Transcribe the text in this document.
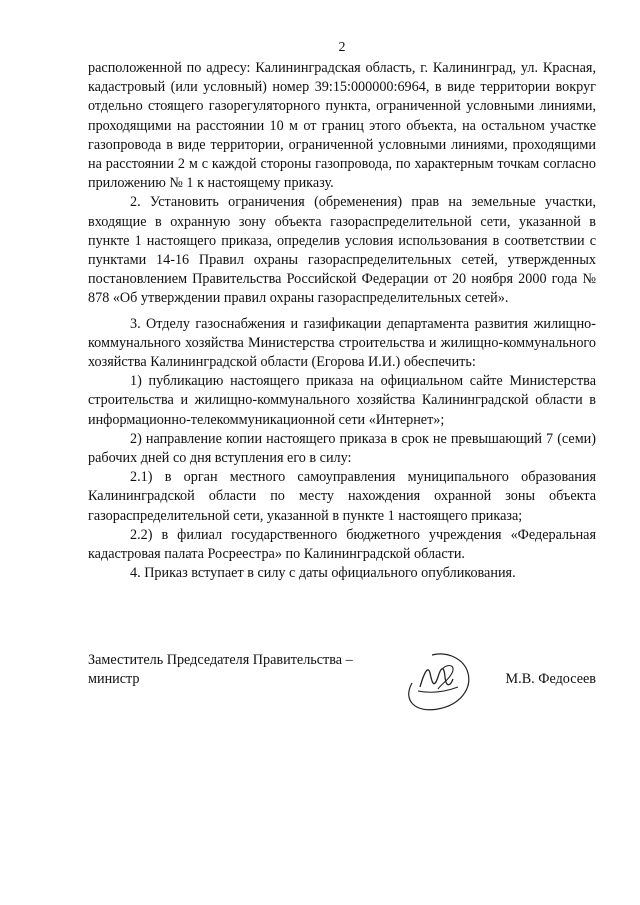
2

расположенной по адресу: Калининградская область, г. Калининград, ул. Красная, кадастровый (или условный) номер 39:15:000000:6964, в виде территории вокруг отдельно стоящего газорегуляторного пункта, ограниченной условными линиями, проходящими на расстоянии 10 м от границ этого объекта, на остальном участке газопровода в виде территории, ограниченной условными линиями, проходящими на расстоянии 2 м с каждой стороны газопровода, по характерным точкам согласно приложению № 1 к настоящему приказу.

2. Установить ограничения (обременения) прав на земельные участки, входящие в охранную зону объекта газораспределительной сети, указанной в пункте 1 настоящего приказа, определив условия использования в соответствии с пунктами 14-16 Правил охраны газораспределительных сетей, утвержденных постановлением Правительства Российской Федерации от 20 ноября 2000 года № 878 «Об утверждении правил охраны газораспределительных сетей».

3. Отделу газоснабжения и газификации департамента развития жилищно-коммунального хозяйства Министерства строительства и жилищно-коммунального хозяйства Калининградской области (Егорова И.И.) обеспечить:

1) публикацию настоящего приказа на официальном сайте Министерства строительства и жилищно-коммунального хозяйства Калининградской области в информационно-телекоммуникационной сети «Интернет»;

2) направление копии настоящего приказа в срок не превышающий 7 (семи) рабочих дней со дня вступления его в силу:

2.1) в орган местного самоуправления муниципального образования Калининградской области по месту нахождения охранной зоны объекта газораспределительной сети, указанной в пункте 1 настоящего приказа;

2.2) в филиал государственного бюджетного учреждения «Федеральная кадастровая палата Росреестра» по Калининградской области.

4. Приказ вступает в силу с даты официального опубликования.

Заместитель Председателя Правительства –
министр	М.В. Федосеев
